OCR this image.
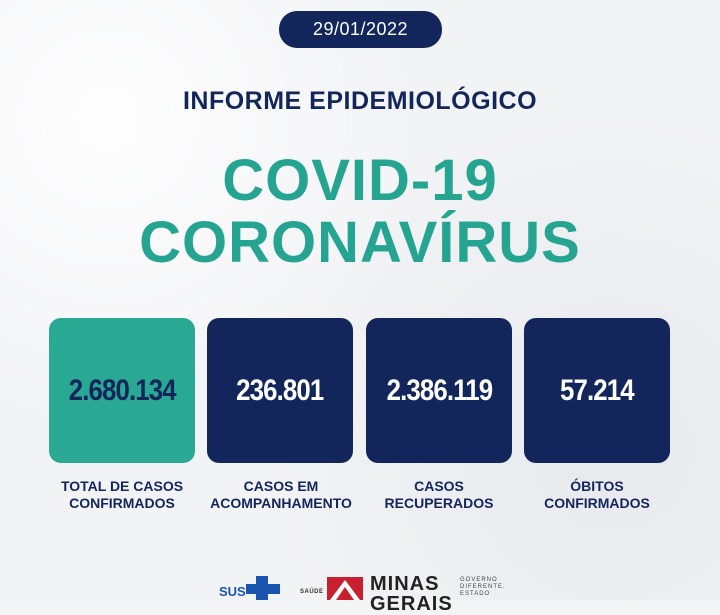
29/01/2022
INFORME EPIDEMIOLÓGICO
COVID-19
CORONAVÍRUS
2.680.134 236.801 2.386.119 57.214
TOTAL DE CASOS CONFIRMADOS
CASOS EM ACOMPANHAMENTO
CASOS RECUPERADOS
ÓBITOS CONFIRMADOS
SUS	SAÚDE MINAS
GERAIS
GOVERNO
DIFERENTE.
ESTADO
